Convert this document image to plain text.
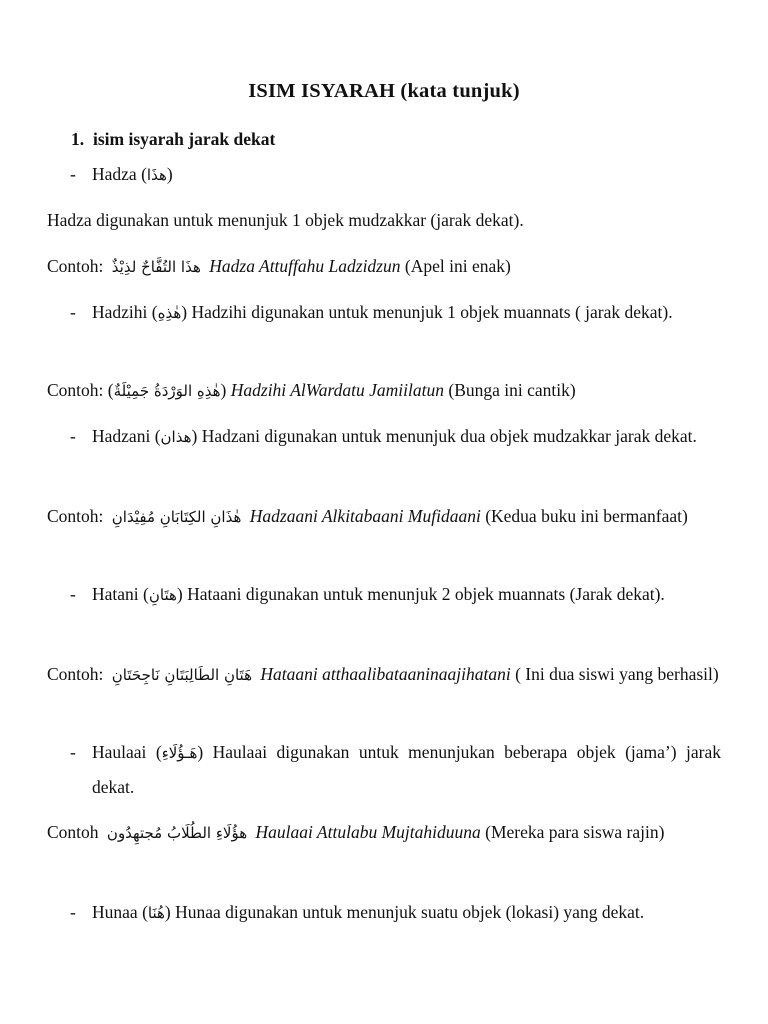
ISIM ISYARAH (kata tunjuk)
1. isim isyarah jarak dekat
- Hadza (هذَا)
Hadza digunakan untuk menunjuk 1 objek mudzakkar (jarak dekat).
Contoh: هذَا التُفَّاحٌ لذِيْذٌ Hadza Attuffahu Ladzidzun (Apel ini enak)
- Hadzihi (هٰذِهِ) Hadzihi digunakan untuk menunjuk 1 objek muannats ( jarak dekat).
Contoh: (هٰذِهِ الوَرْدَةُ جَمِيْلَةٌ) Hadzihi AlWardatu Jamiilatun (Bunga ini cantik)
- Hadzani (هذان) Hadzani digunakan untuk menunjuk dua objek mudzakkar jarak dekat.
Contoh: هٰذَانِ الكِتَابَانِ مُفِيْدَانِ Hadzaani Alkitabaani Mufidaani (Kedua buku ini bermanfaat)
- Hatani (هتَانِ) Hataani digunakan untuk menunjuk 2 objek muannats (Jarak dekat).
Contoh: هَتَانِ الطَالِبَتَانِ نَاجِحَتَانِ Hataani atthaalibataaninaajihatani ( Ini dua siswi yang berhasil)
- Haulaai (هَـؤُلَاءِ) Haulaai digunakan untuk menunjukan beberapa objek (jama’) jarak dekat.
Contoh هؤُلَاءِ الطُلَابُ مُجتهِدُون Haulaai Attulabu Mujtahiduuna (Mereka para siswa rajin)
- Hunaa (هُنَا) Hunaa digunakan untuk menunjuk suatu objek (lokasi) yang dekat.
